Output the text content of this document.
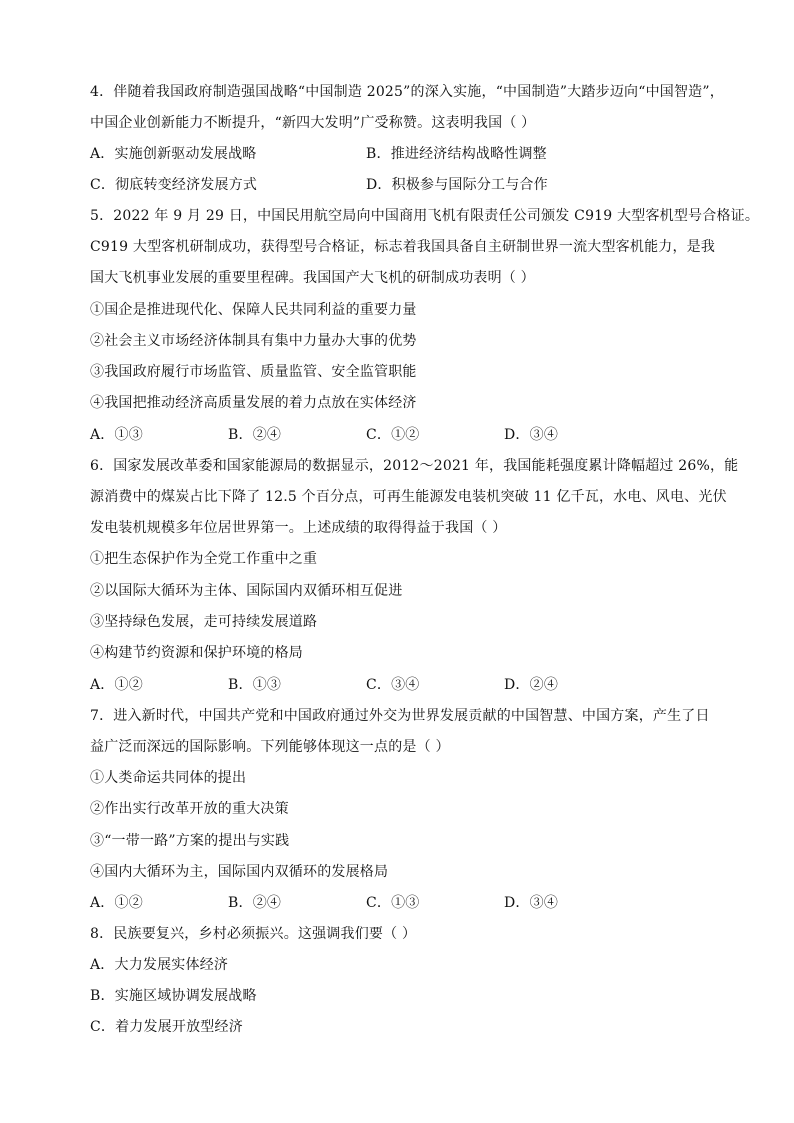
4．伴随着我国政府制造强国战略“中国制造 2025”的深入实施，“中国制造”大踏步迈向“中国智造”，
中国企业创新能力不断提升，“新四大发明”广受称赞。这表明我国（ ）
A．实施创新驱动发展战略	B．推进经济结构战略性调整
C．彻底转变经济发展方式	D．积极参与国际分工与合作
5．2022 年 9 月 29 日，中国民用航空局向中国商用飞机有限责任公司颁发 C919 大型客机型号合格证。
C919 大型客机研制成功，获得型号合格证，标志着我国具备自主研制世界一流大型客机能力，是我
国大飞机事业发展的重要里程碑。我国国产大飞机的研制成功表明（ ）
①国企是推进现代化、保障人民共同利益的重要力量
②社会主义市场经济体制具有集中力量办大事的优势
③我国政府履行市场监管、质量监管、安全监管职能
④我国把推动经济高质量发展的着力点放在实体经济
A．①③	B．②④	C．①②	D．③④
6．国家发展改革委和国家能源局的数据显示，2012～2021 年，我国能耗强度累计降幅超过 26%，能
源消费中的煤炭占比下降了 12.5 个百分点，可再生能源发电装机突破 11 亿千瓦，水电、风电、光伏
发电装机规模多年位居世界第一。上述成绩的取得得益于我国（ ）
①把生态保护作为全党工作重中之重
②以国际大循环为主体、国际国内双循环相互促进
③坚持绿色发展，走可持续发展道路
④构建节约资源和保护环境的格局
A．①②	B．①③	C．③④	D．②④
7．进入新时代，中国共产党和中国政府通过外交为世界发展贡献的中国智慧、中国方案，产生了日
益广泛而深远的国际影响。下列能够体现这一点的是（ ）
①人类命运共同体的提出
②作出实行改革开放的重大决策
③“一带一路”方案的提出与实践
④国内大循环为主，国际国内双循环的发展格局
A．①②	B．②④	C．①③	D．③④
8．民族要复兴，乡村必须振兴。这强调我们要（ ）
A．大力发展实体经济
B．实施区域协调发展战略
C．着力发展开放型经济
